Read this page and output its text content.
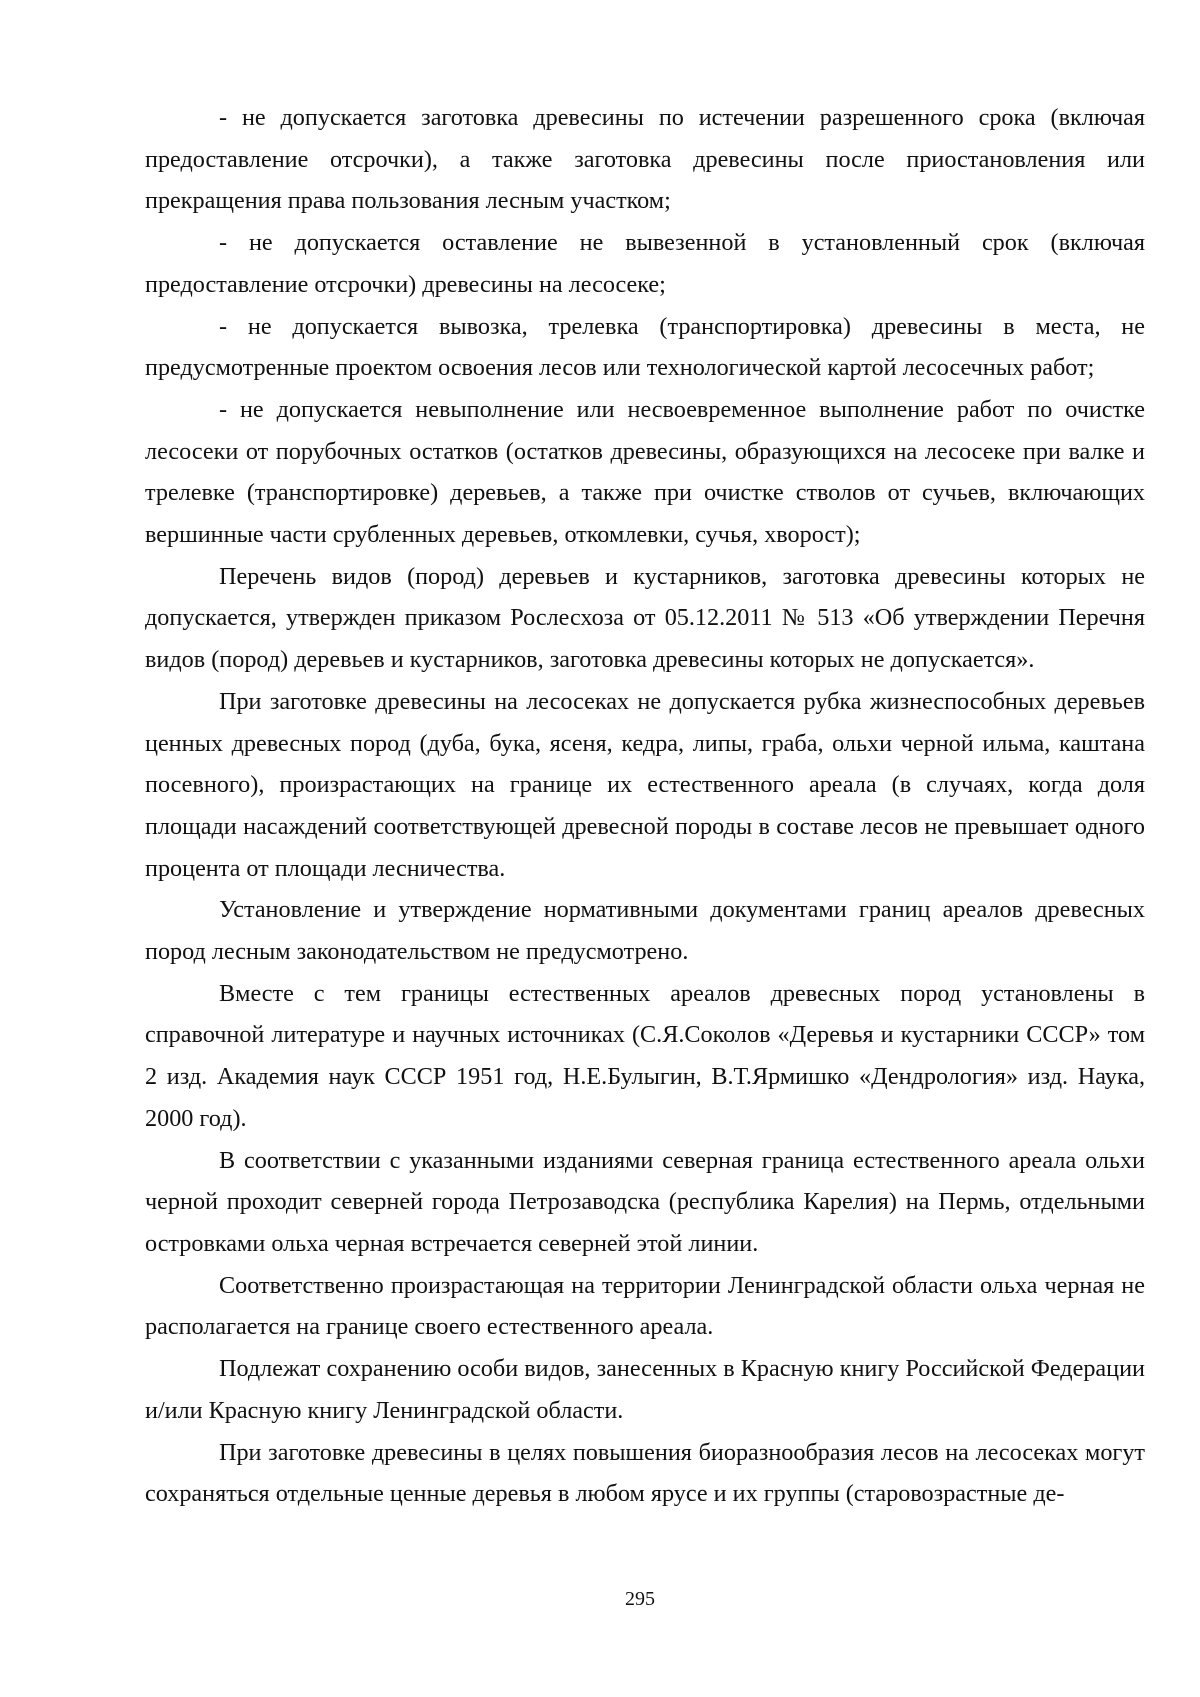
- не допускается заготовка древесины по истечении разрешенного срока (включая предоставление отсрочки), а также заготовка древесины после приостановления или прекращения права пользования лесным участком;

- не допускается оставление не вывезенной в установленный срок (включая предоставление отсрочки) древесины на лесосеке;

- не допускается вывозка, трелевка (транспортировка) древесины в места, не предусмотренные проектом освоения лесов или технологической картой лесосечных работ;

- не допускается невыполнение или несвоевременное выполнение работ по очистке лесосеки от порубочных остатков (остатков древесины, образующихся на лесосеке при валке и трелевке (транспортировке) деревьев, а также при очистке стволов от сучьев, включающих вершинные части срубленных деревьев, откомлевки, сучья, хворост);

Перечень видов (пород) деревьев и кустарников, заготовка древесины которых не допускается, утвержден приказом Рослесхоза от 05.12.2011 № 513 «Об утверждении Перечня видов (пород) деревьев и кустарников, заготовка древесины которых не допускается».

При заготовке древесины на лесосеках не допускается рубка жизнеспособных деревьев ценных древесных пород (дуба, бука, ясеня, кедра, липы, граба, ольхи черной ильма, каштана посевного), произрастающих на границе их естественного ареала (в случаях, когда доля площади насаждений соответствующей древесной породы в составе лесов не превышает одного процента от площади лесничества.

Установление и утверждение нормативными документами границ ареалов древесных пород лесным законодательством не предусмотрено.

Вместе с тем границы естественных ареалов древесных пород установлены в справочной литературе и научных источниках (С.Я.Соколов «Деревья и кустарники СССР» том 2 изд. Академия наук СССР 1951 год, Н.Е.Булыгин, В.Т.Ярмишко «Дендрология» изд. Наука, 2000 год).

В соответствии с указанными изданиями северная граница естественного ареала ольхи черной проходит северней города Петрозаводска (республика Карелия) на Пермь, отдельными островками ольха черная встречается северней этой линии.

Соответственно произрастающая на территории Ленинградской области ольха черная не располагается на границе своего естественного ареала.

Подлежат сохранению особи видов, занесенных в Красную книгу Российской Федерации и/или Красную книгу Ленинградской области.

При заготовке древесины в целях повышения биоразнообразия лесов на лесосеках могут сохраняться отдельные ценные деревья в любом ярусе и их группы (старовозрастные де-

295
